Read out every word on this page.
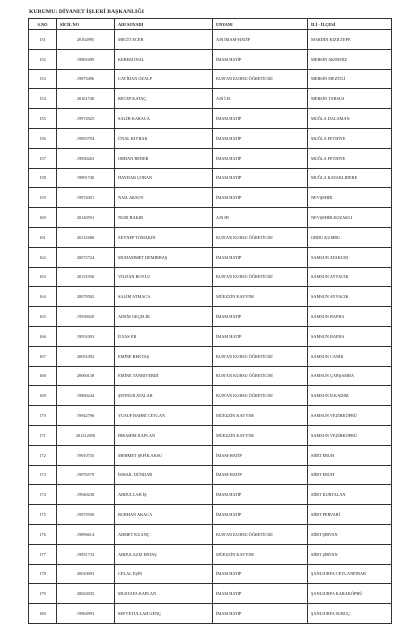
KURUMU: DİYANET İŞLERİ BAŞKANLIĞI
S.NO	SİCİL NO	ADI SOYADI	UNVANI	İLİ - İLÇESİ
151	20162995	MECİT ECER	A/B İMAM-HATİP	MARDİN KIZILTEPE
152	19881009	KEREM İNAL	İMAM HATİP	MERSİN AKDENİZ
153	19875496	CAVİDAN ÖZALP	KUR'AN KURSU ÖĞRETİCİSİ	MERSİN MEZİTLİ
154	20161740	RECEP KATAÇ	A/B İ.H.	MERSİN TARSUS
155	19972925	SALİH KARACA	İMAM HATİP	MUĞLA DALAMAN
156	19855794	ÜNAL KIVRAK	İMAM HATİP	MUĞLA FETHİYE
157	19830263	ORHAN BEDER	İMAM HATİP	MUĞLA FETHİYE
158	19891740	HAYDAR ÇOBAN	İMAM HATİP	MUĞLA KAVAKLIDERE
159	19974451	NAİL AKSOY	İMAM HATİP	NEVŞEHİR
160	20140591	NURİ BAKIR	A/B İH	NEVŞEHİR KOZAKLI
161	20112686	ZEYNEP TOMAKIN	KUR'AN KURSU ÖĞRETİCİSİ	ORDU KUMRU
162	20072724	MUHAMMET DEMİRBAŞ	İMAM HATİP	SAMSUN ATAKUM
163	20131936	VİLDAN BOYLU	KUR'AN KURSU ÖĞRETİCİSİ	SAMSUN AYVACIK
164	20079502	SALİM ATMACA	MÜEZZİN KAYYIM	SAMSUN AYVACIK
165	19930020	ADEM GEÇELİK	İMAM HATİP	SAMSUN BAFRA
166	19951003	İLYAS ER	İMAM HATİP	SAMSUN BAFRA
167	20051092	EMİNE BEKTAŞ	KUR'AN KURSU ÖĞRETİCİSİ	SAMSUN CANİK
168	20060138	EMİNE TANRIVERDİ	KUR'AN KURSU ÖĞRETİCİSİ	SAMSUN ÇARŞAMBA
169	19860244	ŞENNUR ATALAR	KUR'AN KURSU ÖĞRETİCİSİ	SAMSUN İLKADIM
170	19942796	YUSUF BAHRİ CEYLAN	MÜEZZİN KAYYIM	SAMSUN VEZİRKÖPRÜ
171	201212058	İBRAHİM KAPLAN	MÜEZZİN KAYYIM	SAMSUN VEZİRKÖPRÜ
172	19910735	MEHMET ŞEFİK AKSU	İMAM-HATİP	SİİRT ERUH
173	19976579	İSMAİL DÜNDAR	İMAM-HATİP	SİİRT ERUH
174	19940238	ABDULLAH İŞ	İMAM HATİP	SİİRT KURTALAN
175	19975930	BURHAN AKACA	İMAM HATİP	SİİRT PERVARİ
176	19896614	AHMET KUANÇ	KUR'AN KURSU ÖĞRETİCİSİ	SİİRT ŞİRVAN
177	19951733	ABDULAZİZ ERTAŞ	MÜEZZİN KAYYIM	SİİRT ŞİRVAN
178	20010093	CELAL EŞİN	İMAM HATİP	ŞANLIURFA CEYLANPINAR
179	20023035	MUSTAFA KAPLAN	İMAM HATİP	ŞANLIURFA KARAKÖPRÜ
180	19964993	SEFVETULLAH GENÇ	İMAM HATİP	ŞANLIURFA SURUÇ
